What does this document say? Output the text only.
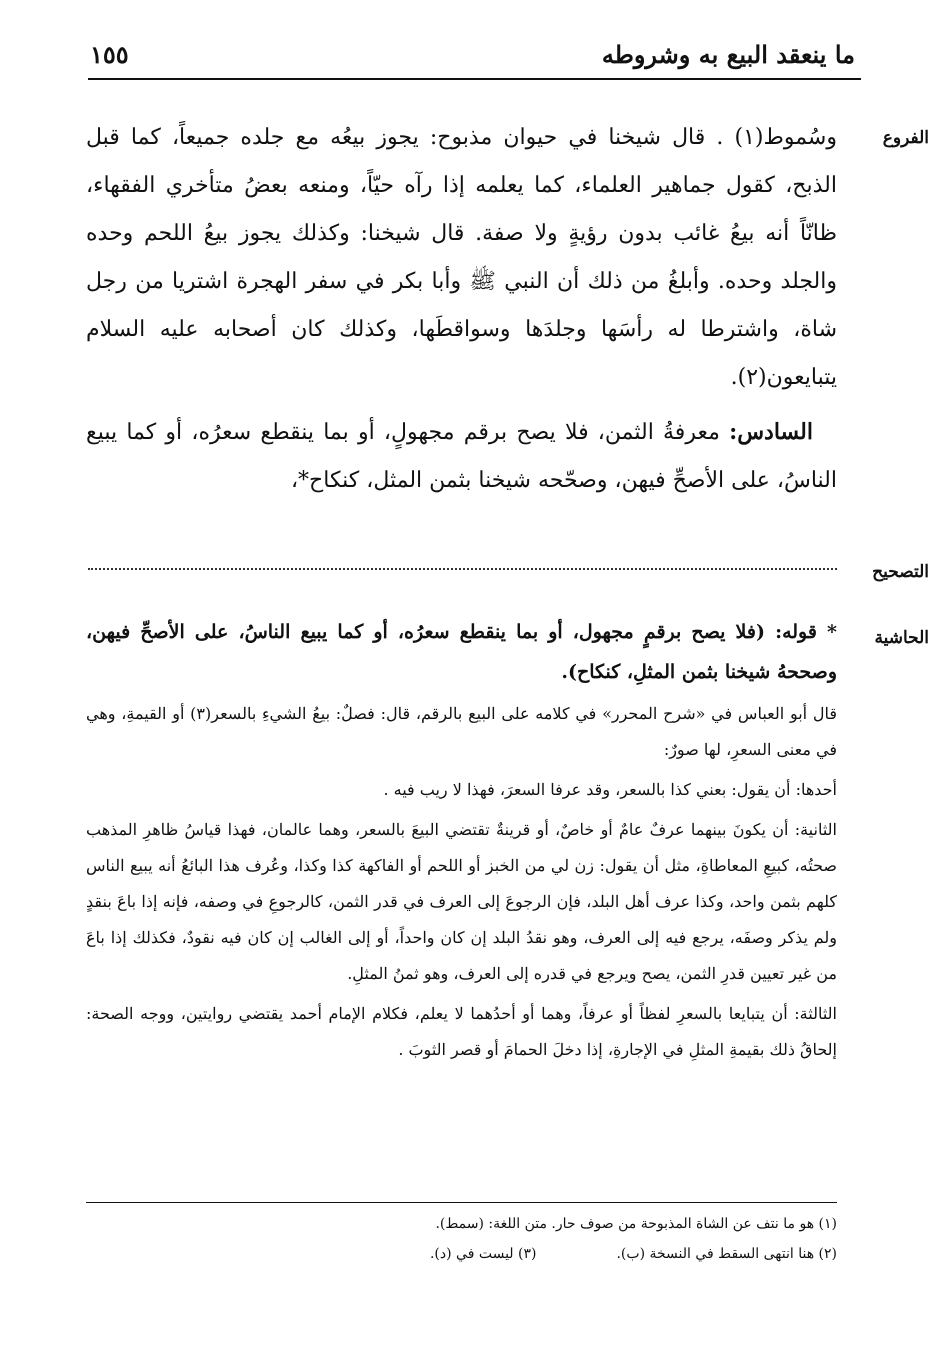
ما ينعقد البيع به وشروطه
١٥٥
الفروع
التصحيح
الحاشية

وسُموط(١) . قال شيخنا في حيوان مذبوح: يجوز بيعُه مع جلده جميعاً، كما قبل الذبح، كقول جماهير العلماء، كما يعلمه إذا رآه حيّاً، ومنعه بعضُ متأخري الفقهاء، ظانّاً أنه بيعُ غائب بدون رؤيةٍ ولا صفة. قال شيخنا: وكذلك يجوز بيعُ اللحم وحده والجلد وحده. وأبلغُ من ذلك أن النبي ﷺ وأبا بكر في سفر الهجرة اشتريا من رجل شاة، واشترطا له رأسَها وجلدَها وسواقطَها، وكذلك كان أصحابه عليه السلام يتبايعون(٢).

السادس: معرفةُ الثمن، فلا يصح برقم مجهولٍ، أو بما ينقطع سعرُه، أو كما يبيع الناسُ، على الأصحِّ فيهن، وصحّحه شيخنا بثمن المثل، كنكاح*،

* قوله: (فلا يصح برقمٍ مجهول، أو بما ينقطع سعرُه، أو كما يبيع الناسُ، على الأصحِّ فيهن، وصححهُ شيخنا بثمن المثلِ، كنكاح).

قال أبو العباس في «شرح المحرر» في كلامه على البيع بالرقم، قال: فصلٌ: بيعُ الشيءِ بالسعر(٣) أو القيمةِ، وهي في معنى السعرِ، لها صورٌ:

أحدها: أن يقول: بعني كذا بالسعر، وقد عرفا السعرَ، فهذا لا ريب فيه .

الثانية: أن يكونَ بينهما عرفٌ عامٌ أو خاصٌ، أو قرينةٌ تقتضي البيعَ بالسعر، وهما عالمان، فهذا قياسُ ظاهرِ المذهب صحتُه، كبيعِ المعاطاةِ، مثل أن يقول: زن لي من الخبز أو اللحم أو الفاكهة كذا وكذا، وعُرف هذا البائعُ أنه يبيع الناس كلهم بثمن واحد، وكذا عرف أهل البلد، فإن الرجوعَ إلى العرف في قدر الثمن، كالرجوعِ في وصفه، فإنه إذا باعَ بنقدٍ ولم يذكر وصفَه، يرجع فيه إلى العرف، وهو نقدُ البلد إن كان واحداً، أو إلى الغالب إن كان فيه نقودٌ، فكذلك إذا باعَ من غير تعيين قدرِ الثمن، يصح ويرجع في قدره إلى العرف، وهو ثمنُ المثلِ.

الثالثة: أن يتبايعا بالسعرِ لفظاً أو عرفاً، وهما أو أحدُهما لا يعلم، فكلام الإمام أحمد يقتضي روايتين، ووجه الصحة: إلحاقُ ذلك بقيمةِ المثلِ في الإجارةِ، إذا دخلَ الحمامَ أو قصر الثوبَ .

(١) هو ما نتف عن الشاة المذبوحة من صوف حار. متن اللغة: (سمط).

(٢) هنا انتهى السقط في النسخة (ب).

(٣) ليست في (د).
